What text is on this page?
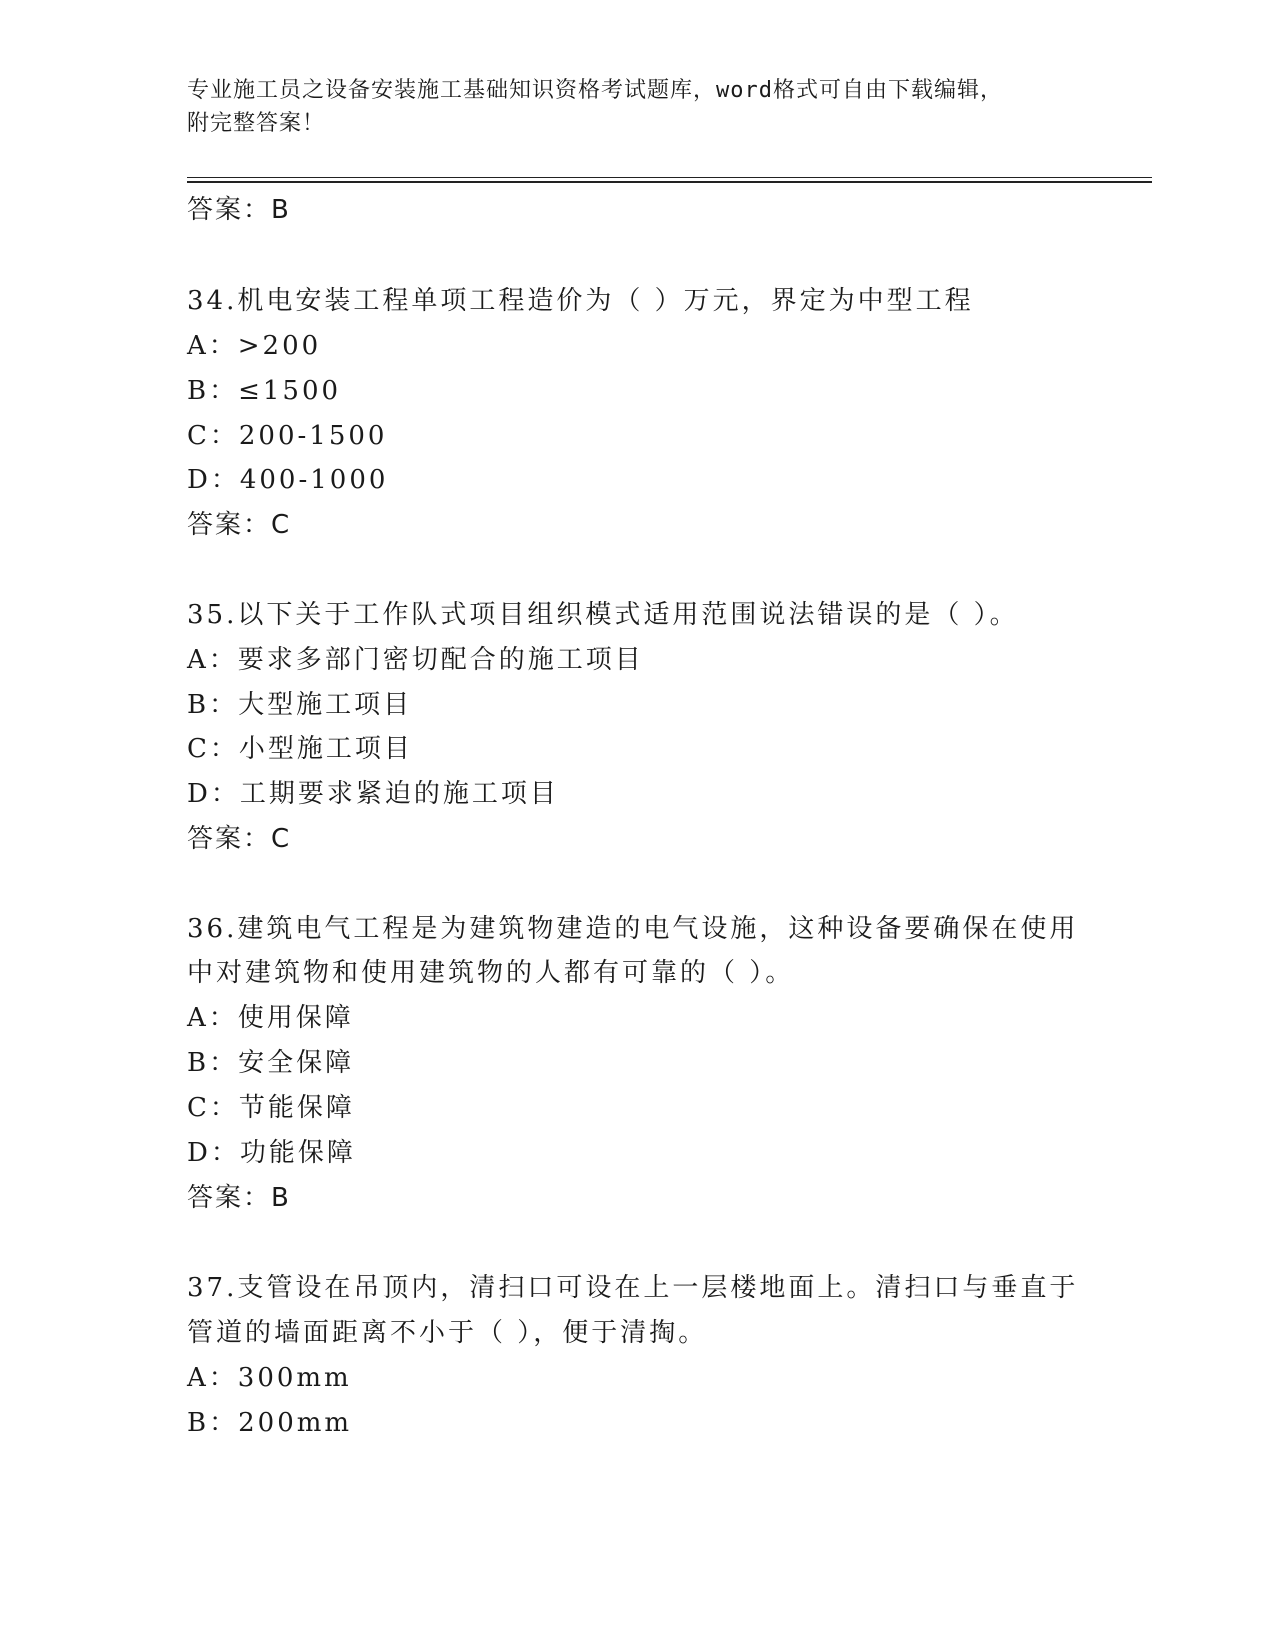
专业施工员之设备安装施工基础知识资格考试题库，word格式可自由下载编辑，
附完整答案！
答案：B
34.机电安装工程单项工程造价为（ ）万元，界定为中型工程
A：>200
B：≤1500
C：200-1500
D：400-1000
答案：C
35.以下关于工作队式项目组织模式适用范围说法错误的是（ ）。
A：要求多部门密切配合的施工项目
B：大型施工项目
C：小型施工项目
D：工期要求紧迫的施工项目
答案：C
36.建筑电气工程是为建筑物建造的电气设施，这种设备要确保在使用
中对建筑物和使用建筑物的人都有可靠的（ ）。
A：使用保障
B：安全保障
C：节能保障
D：功能保障
答案：B
37.支管设在吊顶内，清扫口可设在上一层楼地面上。清扫口与垂直于
管道的墙面距离不小于（ ），便于清掏。
A：300mm
B：200mm
